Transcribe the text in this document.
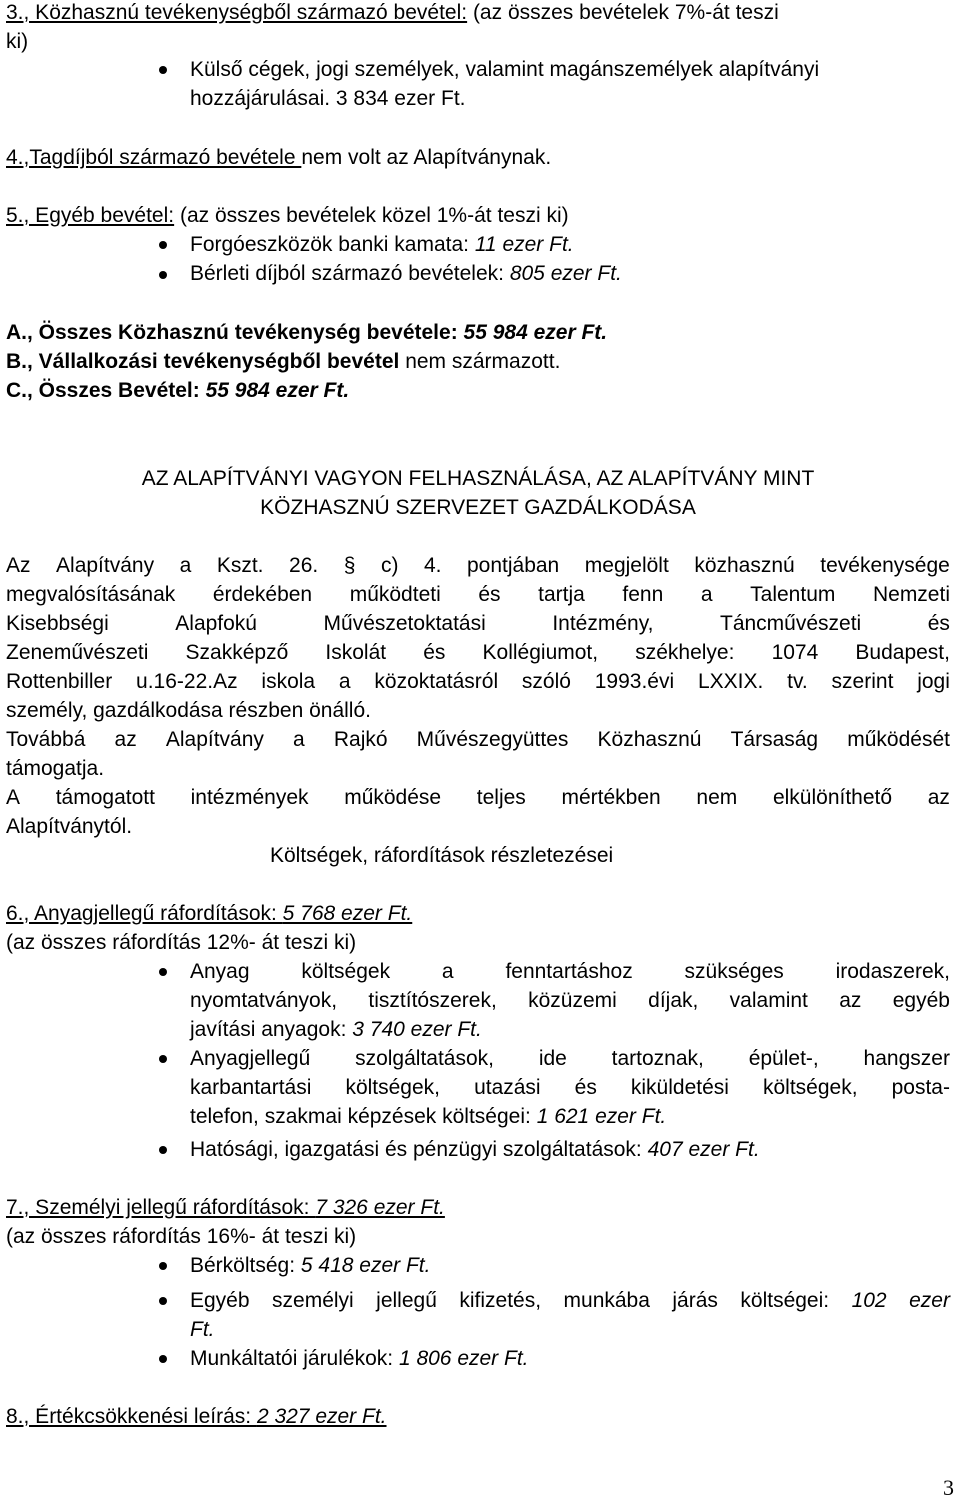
3., Közhasznú tevékenységből származó bevétel: (az összes bevételek 7%-át teszi
ki)
Külső cégek, jogi személyek, valamint magánszemélyek alapítványi
hozzájárulásai. 3 834 ezer Ft.
4.,Tagdíjból származó bevétele nem volt az Alapítványnak.
5., Egyéb bevétel: (az összes bevételek közel 1%-át teszi ki)
Forgóeszközök banki kamata: 11 ezer Ft.
Bérleti díjból származó bevételek: 805 ezer Ft.
A., Összes Közhasznú tevékenység bevétele: 55 984 ezer Ft.
B., Vállalkozási tevékenységből bevétel nem származott.
C., Összes Bevétel: 55 984 ezer Ft.
AZ ALAPÍTVÁNYI VAGYON FELHASZNÁLÁSA, AZ ALAPÍTVÁNY MINT
KÖZHASZNÚ SZERVEZET GAZDÁLKODÁSA
Az Alapítvány a Kszt. 26. § c) 4. pontjában megjelölt közhasznú tevékenysége
megvalósításának érdekében működteti és tartja fenn a Talentum Nemzeti
Kisebbségi	Alapfokú	Művészetoktatási	Intézmény,	Táncművészeti	és
Zeneművészeti Szakképző Iskolát és Kollégiumot, székhelye: 1074 Budapest,
Rottenbiller u.16-22.Az iskola a közoktatásról szóló 1993.évi LXXIX. tv. szerint jogi
személy, gazdálkodása részben önálló.
Továbbá az Alapítvány a Rajkó Művészegyüttes Közhasznú Társaság működését
támogatja.
A támogatott intézmények működése teljes mértékben nem elkülöníthető az
Alapítványtól.
Költségek, ráfordítások részletezései
6., Anyagjellegű ráfordítások: 5 768 ezer Ft.
(az összes ráfordítás 12%- át teszi ki)
Anyag költségek a fenntartáshoz szükséges irodaszerek,
nyomtatványok, tisztítószerek, közüzemi díjak, valamint az egyéb
javítási anyagok: 3 740 ezer Ft.
Anyagjellegű szolgáltatások, ide tartoznak, épület-, hangszer
karbantartási költségek, utazási és kiküldetési költségek, posta-
telefon, szakmai képzések költségei: 1 621 ezer Ft.
Hatósági, igazgatási és pénzügyi szolgáltatások: 407 ezer Ft.
7., Személyi jellegű ráfordítások: 7 326 ezer Ft.
(az összes ráfordítás 16%- át teszi ki)
Bérköltség: 5 418 ezer Ft.
Egyéb személyi jellegű kifizetés, munkába járás költségei: 102 ezer
Ft.
Munkáltatói járulékok: 1 806 ezer Ft.
8., Értékcsökkenési leírás: 2 327 ezer Ft.
3
